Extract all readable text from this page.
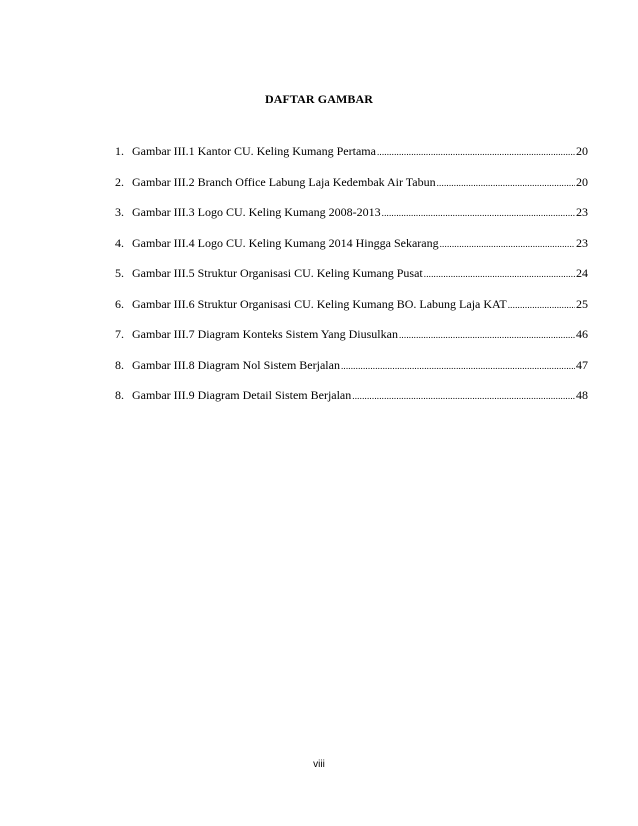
DAFTAR GAMBAR
1. Gambar III.1 Kantor CU. Keling Kumang Pertama .....	20
2. Gambar III.2 Branch Office Labung Laja Kedembak Air Tabun .....	20
3. Gambar III.3 Logo CU. Keling Kumang 2008-2013 .....	23
4. Gambar III.4 Logo CU. Keling Kumang 2014 Hingga Sekarang .....	23
5. Gambar III.5 Struktur Organisasi CU. Keling Kumang Pusat .....	24
6. Gambar III.6 Struktur Organisasi CU. Keling Kumang BO. Labung Laja KAT .....	25
7. Gambar III.7 Diagram Konteks Sistem Yang Diusulkan .....	46
8. Gambar III.8 Diagram Nol Sistem Berjalan .....	47
8. Gambar III.9 Diagram Detail Sistem Berjalan .....	48
viii
